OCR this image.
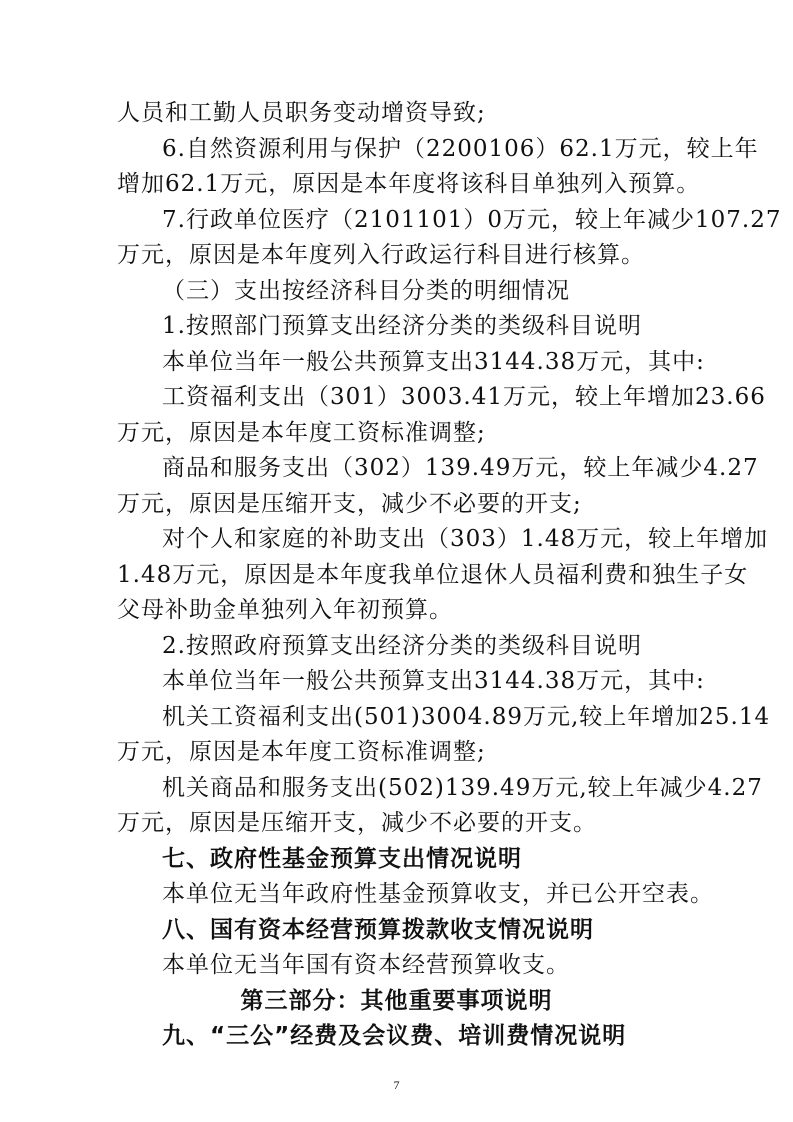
人员和工勤人员职务变动增资导致;
6.自然资源利用与保护（2200106）62.1万元，较上年
增加62.1万元，原因是本年度将该科目单独列入预算。
7.行政单位医疗（2101101）0万元，较上年减少107.27
万元，原因是本年度列入行政运行科目进行核算。
（三）支出按经济科目分类的明细情况
1.按照部门预算支出经济分类的类级科目说明
本单位当年一般公共预算支出3144.38万元，其中:
工资福利支出（301）3003.41万元，较上年增加23.66
万元，原因是本年度工资标准调整;
商品和服务支出（302）139.49万元，较上年减少4.27
万元，原因是压缩开支，减少不必要的开支;
对个人和家庭的补助支出（303）1.48万元，较上年增加
1.48万元，原因是本年度我单位退休人员福利费和独生子女
父母补助金单独列入年初预算。
2.按照政府预算支出经济分类的类级科目说明
本单位当年一般公共预算支出3144.38万元，其中:
机关工资福利支出(501)3004.89万元,较上年增加25.14
万元，原因是本年度工资标准调整;
机关商品和服务支出(502)139.49万元,较上年减少4.27
万元，原因是压缩开支，减少不必要的开支。
七、政府性基金预算支出情况说明
本单位无当年政府性基金预算收支，并已公开空表。
八、国有资本经营预算拨款收支情况说明
本单位无当年国有资本经营预算收支。
第三部分：其他重要事项说明
九、“三公”经费及会议费、培训费情况说明
7
